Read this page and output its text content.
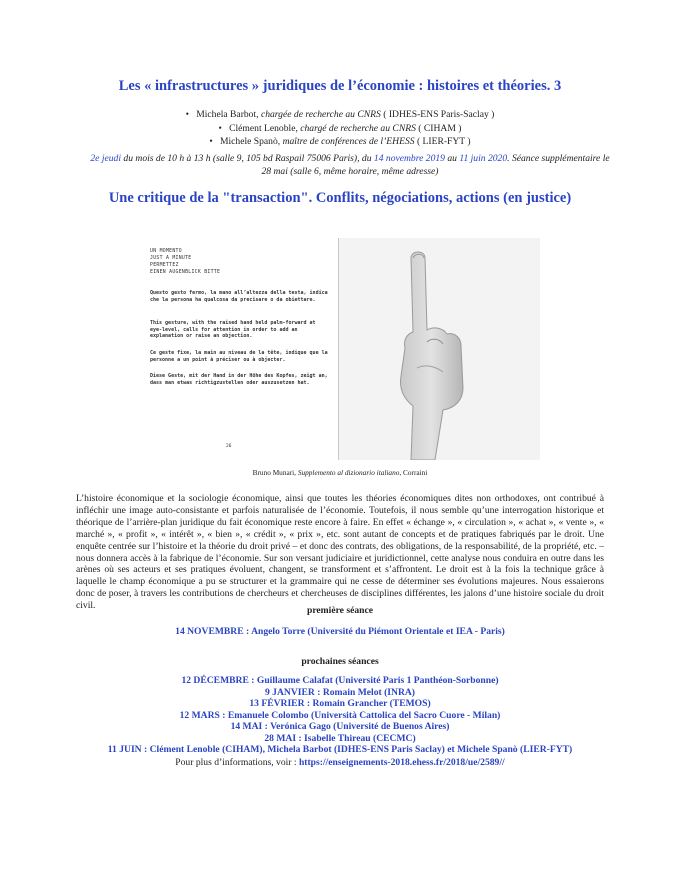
Les « infrastructures » juridiques de l’économie : histoires et théories. 3
•   Michela Barbot, chargée de recherche au CNRS ( IDHES-ENS Paris-Saclay )
•   Clément Lenoble, chargé de recherche au CNRS ( CIHAM )
•   Michele Spanò, maître de conférences de l’EHESS ( LIER-FYT )
2e jeudi du mois de 10 h à 13 h (salle 9, 105 bd Raspail 75006 Paris), du 14 novembre 2019 au 11 juin 2020. Séance supplémentaire le 28 mai (salle 6, même horaire, même adresse)
Une critique de la "transaction". Conflits, négociations, actions (en justice)
UN MOMENTO
JUST A MINUTE
PERMETTEZ
EINEN AUGENBLICK BITTE
Questo gesto fermo, la mano all’altezza della testa, indica che la persona ha qualcosa da precisare o da obiettare.
This gesture, with the raised hand held palm-forward at eye-level, calls for attention in order to add an explanation or raise an objection.
Ce geste fixe, la main au niveau de la tête, indique que la personne a un point à préciser ou à objecter.
Diese Geste, mit der Hand in der Höhe des Kopfes, zeigt an, dass man etwas richtigzustellen oder auszusetzen hat.
26
Bruno Munari, Supplemento al dizionario italiano, Corraini

L’histoire économique et la sociologie économique, ainsi que toutes les théories économiques dites non orthodoxes, ont contribué à infléchir une image auto-consistante et parfois naturalisée de l’économie. Toutefois, il nous semble qu’une interrogation historique et théorique de l’arrière-plan juridique du fait économique reste encore à faire. En effet « échange », « circulation », « achat », « vente », « marché », « profit », « intérêt », « bien », « crédit », « prix », etc. sont autant de concepts et de pratiques fabriqués par le droit. Une enquête centrée sur l’histoire et la théorie du droit privé – et donc des contrats, des obligations, de la responsabilité, de la propriété, etc. – nous donnera accès à la fabrique de l’économie. Sur son versant judiciaire et juridictionnel, cette analyse nous conduira en outre dans les arènes où ses acteurs et ses pratiques évoluent, changent, se transforment et s’affrontent. Le droit est à la fois la technique grâce à laquelle le champ économique a pu se structurer et la grammaire qui ne cesse de déterminer ses évolutions majeures. Nous essaierons donc de poser, à travers les contributions de chercheurs et chercheuses de disciplines différentes, les jalons d’une histoire sociale du droit civil.	première séance
14 NOVEMBRE : Angelo Torre (Université du Piémont Orientale et IEA - Paris)
prochaines séances
12 DÉCEMBRE : Guillaume Calafat (Université Paris 1 Panthéon-Sorbonne)
9 JANVIER : Romain Melot (INRA)
13 FÉVRIER : Romain Grancher (TEMOS)
12 MARS : Emanuele Colombo (Università Cattolica del Sacro Cuore - Milan)
14 MAI : Verónica Gago (Université de Buenos Aires)
28 MAI : Isabelle Thireau (CECMC)
11 JUIN : Clément Lenoble (CIHAM), Michela Barbot (IDHES-ENS Paris Saclay) et Michele Spanò (LIER-FYT)
Pour plus d’informations, voir : https://enseignements-2018.ehess.fr/2018/ue/2589//
